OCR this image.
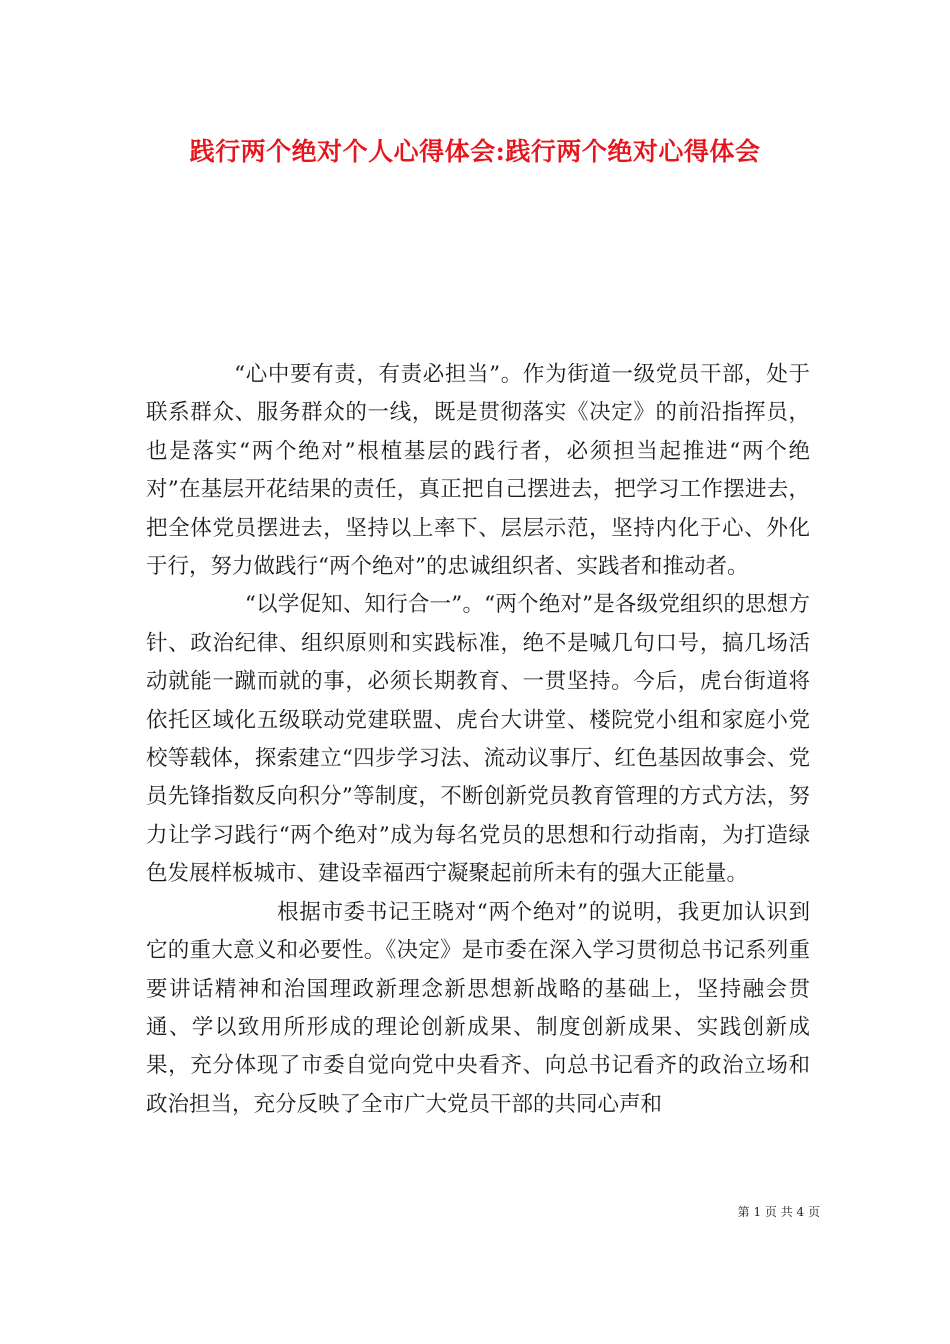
践行两个绝对个人心得体会:践行两个绝对心得体会

“心中要有责，有责必担当”。作为街道一级党员干部，处于联系群众、服务群众的一线，既是贯彻落实《决定》的前沿指挥员，也是落实“两个绝对”根植基层的践行者，必须担当起推进“两个绝对”在基层开花结果的责任，真正把自己摆进去，把学习工作摆进去，把全体党员摆进去，坚持以上率下、层层示范，坚持内化于心、外化于行，努力做践行“两个绝对”的忠诚组织者、实践者和推动者。

“以学促知、知行合一”。“两个绝对”是各级党组织的思想方针、政治纪律、组织原则和实践标准，绝不是喊几句口号，搞几场活动就能一蹴而就的事，必须长期教育、一贯坚持。今后，虎台街道将依托区域化五级联动党建联盟、虎台大讲堂、楼院党小组和家庭小党校等载体，探索建立“四步学习法、流动议事厅、红色基因故事会、党员先锋指数反向积分”等制度，不断创新党员教育管理的方式方法，努力让学习践行“两个绝对”成为每名党员的思想和行动指南，为打造绿色发展样板城市、建设幸福西宁凝聚起前所未有的强大正能量。

根据市委书记王晓对“两个绝对”的说明，我更加认识到它的重大意义和必要性。《决定》是市委在深入学习贯彻总书记系列重要讲话精神和治国理政新理念新思想新战略的基础上，坚持融会贯通、学以致用所形成的理论创新成果、制度创新成果、实践创新成果，充分体现了市委自觉向党中央看齐、向总书记看齐的政治立场和政治担当，充分反映了全市广大党员干部的共同心声和

第 1 页 共 4 页
